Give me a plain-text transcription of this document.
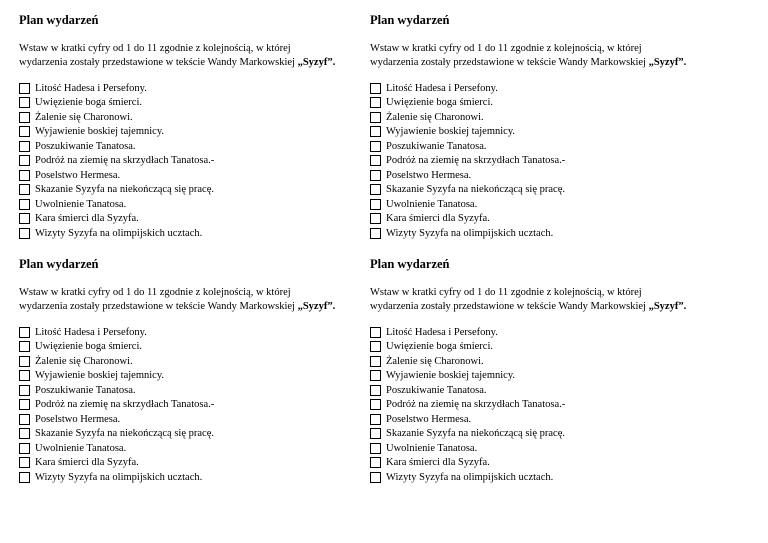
Plan wydarzeń
Wstaw w kratki cyfry od 1 do 11 zgodnie z kolejnością, w której
wydarzenia zostały przedstawione w tekście Wandy Markowskiej „Syzyf”.
Litość Hadesa i Persefony.
Uwięzienie boga śmierci.
Żalenie się Charonowi.
Wyjawienie boskiej tajemnicy.
Poszukiwanie Tanatosa.
Podróż na ziemię na skrzydłach Tanatosa.-
Poselstwo Hermesa.
Skazanie Syzyfa na niekończącą się pracę.
Uwolnienie Tanatosa.
Kara śmierci dla Syzyfa.
Wizyty Syzyfa na olimpijskich ucztach.
Plan wydarzeń
Wstaw w kratki cyfry od 1 do 11 zgodnie z kolejnością, w której
wydarzenia zostały przedstawione w tekście Wandy Markowskiej „Syzyf”.
Litość Hadesa i Persefony.
Uwięzienie boga śmierci.
Żalenie się Charonowi.
Wyjawienie boskiej tajemnicy.
Poszukiwanie Tanatosa.
Podróż na ziemię na skrzydłach Tanatosa.-
Poselstwo Hermesa.
Skazanie Syzyfa na niekończącą się pracę.
Uwolnienie Tanatosa.
Kara śmierci dla Syzyfa.
Wizyty Syzyfa na olimpijskich ucztach.
Plan wydarzeń
Wstaw w kratki cyfry od 1 do 11 zgodnie z kolejnością, w której
wydarzenia zostały przedstawione w tekście Wandy Markowskiej „Syzyf”.
Litość Hadesa i Persefony.
Uwięzienie boga śmierci.
Żalenie się Charonowi.
Wyjawienie boskiej tajemnicy.
Poszukiwanie Tanatosa.
Podróż na ziemię na skrzydłach Tanatosa.-
Poselstwo Hermesa.
Skazanie Syzyfa na niekończącą się pracę.
Uwolnienie Tanatosa.
Kara śmierci dla Syzyfa.
Wizyty Syzyfa na olimpijskich ucztach.
Plan wydarzeń
Wstaw w kratki cyfry od 1 do 11 zgodnie z kolejnością, w której
wydarzenia zostały przedstawione w tekście Wandy Markowskiej „Syzyf”.
Litość Hadesa i Persefony.
Uwięzienie boga śmierci.
Żalenie się Charonowi.
Wyjawienie boskiej tajemnicy.
Poszukiwanie Tanatosa.
Podróż na ziemię na skrzydłach Tanatosa.-
Poselstwo Hermesa.
Skazanie Syzyfa na niekończącą się pracę.
Uwolnienie Tanatosa.
Kara śmierci dla Syzyfa.
Wizyty Syzyfa na olimpijskich ucztach.
